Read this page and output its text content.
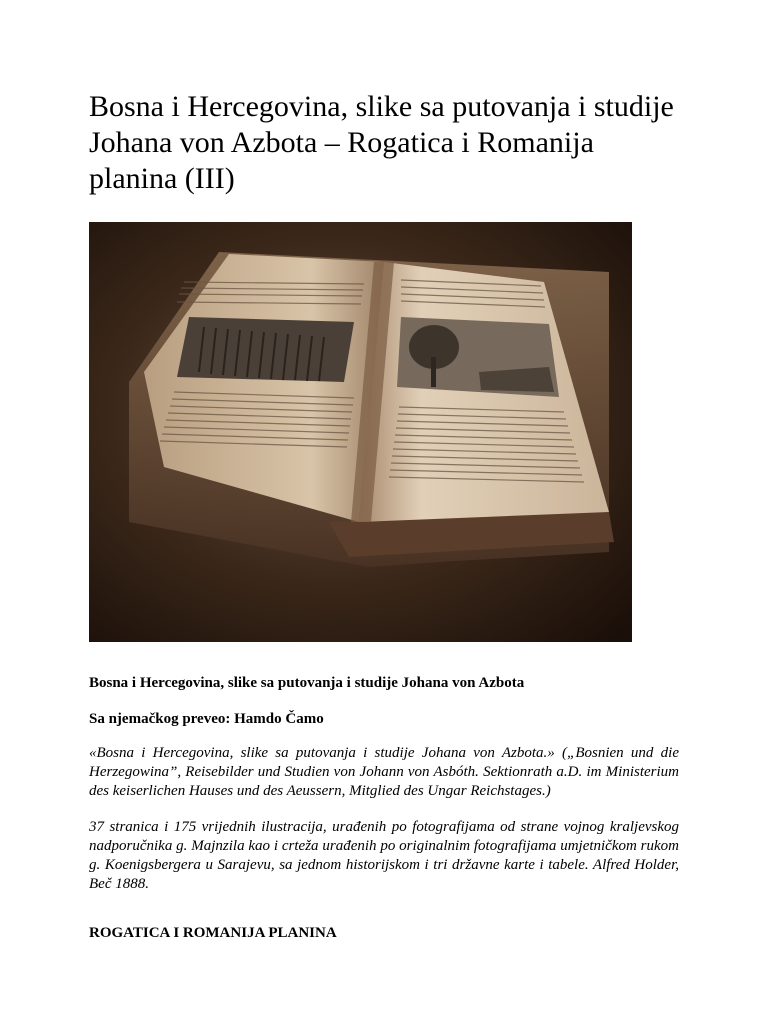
Bosna i Hercegovina, slike sa putovanja i studije Johana von Azbota – Rogatica i Romanija planina (III)

Bosna i Hercegovina, slike sa putovanja i studije Johana von Azbota

Sa njemačkog preveo: Hamdo Čamo

«Bosna i Hercegovina, slike sa putovanja i studije Johana von Azbota.» („Bosnien und die Herzegowina”, Reisebilder und Studien von Johann von Asbóth. Sektionrath a.D. im Ministerium des keiserlichen Hauses und des Aeussern, Mitglied des Ungar Reichstages.)

37 stranica i 175 vrijednih ilustracija, urađenih po fotografijama od strane vojnog kraljevskog nadporučnika g. Majnzila kao i crteža urađenih po originalnim fotografijama umjetničkom rukom g. Koenigsbergera u Sarajevu, sa jednom historijskom i tri državne karte i tabele. Alfred Holder, Beč 1888.

ROGATICA I ROMANIJA PLANINA
